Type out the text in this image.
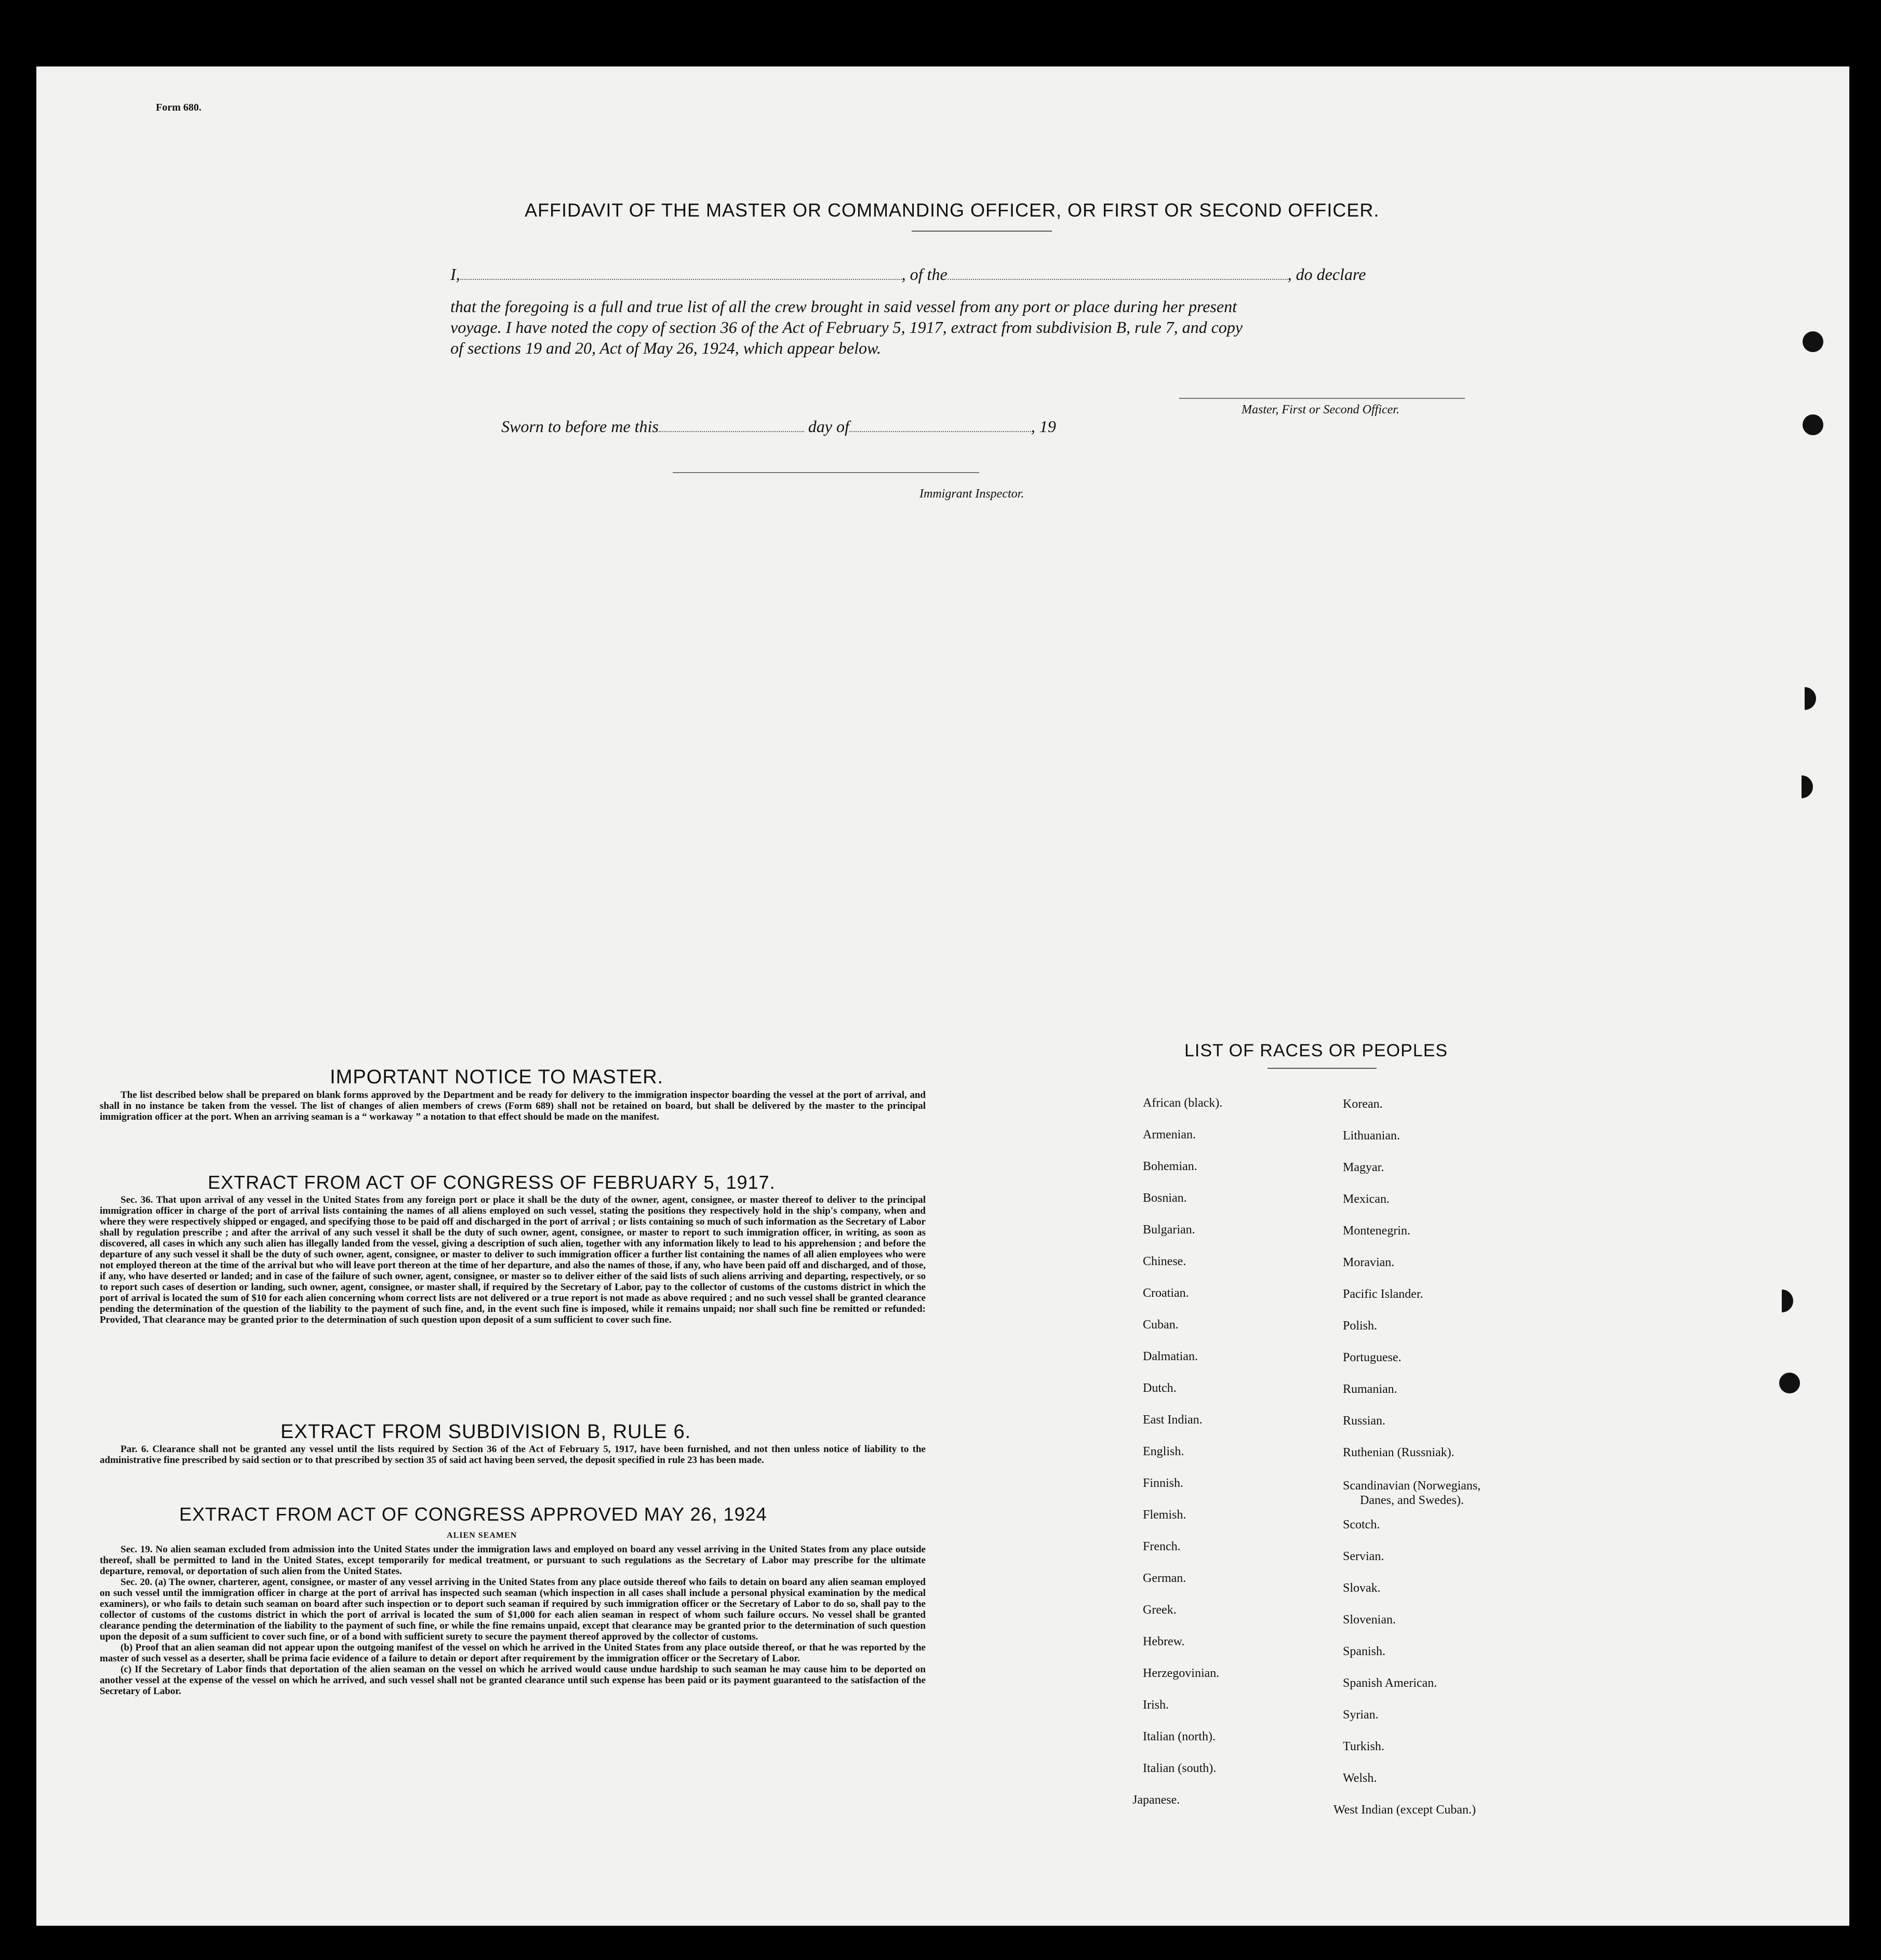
Form 680.
AFFIDAVIT OF THE MASTER OR COMMANDING OFFICER, OR FIRST OR SECOND OFFICER.
I,	, of the	, do declare
that the foregoing is a full and true list of all the crew brought in said vessel from any port or place during her present
voyage. I have noted the copy of section 36 of the Act of February 5, 1917, extract from subdivision B, rule 7, and copy
of sections 19 and 20, Act of May 26, 1924, which appear below.
Master, First or Second Officer.
Sworn to before me this	day of	, 19
Immigrant Inspector.
IMPORTANT NOTICE TO MASTER.

The list described below shall be prepared on blank forms approved by the Department and be ready for delivery to the immigration inspector boarding the vessel at the port of arrival, and shall in no instance be taken from the vessel. The list of changes of alien members of crews (Form 689) shall not be retained on board, but shall be delivered by the master to the principal immigration officer at the port. When an arriving seaman is a “ workaway ” a notation to that effect should be made on the manifest.

EXTRACT FROM ACT OF CONGRESS OF FEBRUARY 5, 1917.

Sec. 36. That upon arrival of any vessel in the United States from any foreign port or place it shall be the duty of the owner, agent, consignee, or master thereof to deliver to the principal immigration officer in charge of the port of arrival lists containing the names of all aliens employed on such vessel, stating the positions they respectively hold in the ship's company, when and where they were respectively shipped or engaged, and specifying those to be paid off and discharged in the port of arrival ; or lists containing so much of such information as the Secretary of Labor shall by regulation prescribe ; and after the arrival of any such vessel it shall be the duty of such owner, agent, consignee, or master to report to such immigration officer, in writing, as soon as discovered, all cases in which any such alien has illegally landed from the vessel, giving a description of such alien, together with any information likely to lead to his apprehension ; and before the departure of any such vessel it shall be the duty of such owner, agent, consignee, or master to deliver to such immigration officer a further list containing the names of all alien employees who were not employed thereon at the time of the arrival but who will leave port thereon at the time of her departure, and also the names of those, if any, who have been paid off and discharged, and of those, if any, who have deserted or landed; and in case of the failure of such owner, agent, consignee, or master so to deliver either of the said lists of such aliens arriving and departing, respectively, or so to report such cases of desertion or landing, such owner, agent, consignee, or master shall, if required by the Secretary of Labor, pay to the collector of customs of the customs district in which the port of arrival is located the sum of $10 for each alien concerning whom correct lists are not delivered or a true report is not made as above required ; and no such vessel shall be granted clearance pending the determination of the question of the liability to the payment of such fine, and, in the event such fine is imposed, while it remains unpaid; nor shall such fine be remitted or refunded: Provided, That clearance may be granted prior to the determination of such question upon deposit of a sum sufficient to cover such fine.

EXTRACT FROM SUBDIVISION B, RULE 6.

Par. 6. Clearance shall not be granted any vessel until the lists required by Section 36 of the Act of February 5, 1917, have been furnished, and not then unless notice of liability to the administrative fine prescribed by said section or to that prescribed by section 35 of said act having been served, the deposit specified in rule 23 has been made.

EXTRACT FROM ACT OF CONGRESS APPROVED MAY 26, 1924
ALIEN SEAMEN

Sec. 19. No alien seaman excluded from admission into the United States under the immigration laws and employed on board any vessel arriving in the United States from any place outside thereof, shall be permitted to land in the United States, except temporarily for medical treatment, or pursuant to such regulations as the Secretary of Labor may prescribe for the ultimate departure, removal, or deportation of such alien from the United States.

Sec. 20. (a) The owner, charterer, agent, consignee, or master of any vessel arriving in the United States from any place outside thereof who fails to detain on board any alien seaman employed on such vessel until the immigration officer in charge at the port of arrival has inspected such seaman (which inspection in all cases shall include a personal physical examination by the medical examiners), or who fails to detain such seaman on board after such inspection or to deport such seaman if required by such immigration officer or the Secretary of Labor to do so, shall pay to the collector of customs of the customs district in which the port of arrival is located the sum of $1,000 for each alien seaman in respect of whom such failure occurs. No vessel shall be granted clearance pending the determination of the liability to the payment of such fine, or while the fine remains unpaid, except that clearance may be granted prior to the determination of such question upon the deposit of a sum sufficient to cover such fine, or of a bond with sufficient surety to secure the payment thereof approved by the collector of customs.

(b) Proof that an alien seaman did not appear upon the outgoing manifest of the vessel on which he arrived in the United States from any place outside thereof, or that he was reported by the master of such vessel as a deserter, shall be prima facie evidence of a failure to detain or deport after requirement by the immigration officer or the Secretary of Labor.

(c) If the Secretary of Labor finds that deportation of the alien seaman on the vessel on which he arrived would cause undue hardship to such seaman he may cause him to be deported on another vessel at the expense of the vessel on which he arrived, and such vessel shall not be granted clearance until such expense has been paid or its payment guaranteed to the satisfaction of the Secretary of Labor.

LIST OF RACES OR PEOPLES
African (black).
Armenian.
Bohemian.
Bosnian.
Bulgarian.
Chinese.
Croatian.
Cuban.
Dalmatian.
Dutch.
East Indian.
English.
Finnish.
Flemish.
French.
German.
Greek.
Hebrew.
Herzegovinian.
Irish.
Italian (north).
Italian (south).
Japanese.
Korean.
Lithuanian.
Magyar.
Mexican.
Montenegrin.
Moravian.
Pacific Islander.
Polish.
Portuguese.
Rumanian.
Russian.
Ruthenian (Russniak).
Scandinavian (Norwegians,
Danes, and Swedes).
Scotch.
Servian.
Slovak.
Slovenian.
Spanish.
Spanish American.
Syrian.
Turkish.
Welsh.
West Indian (except Cuban.)
